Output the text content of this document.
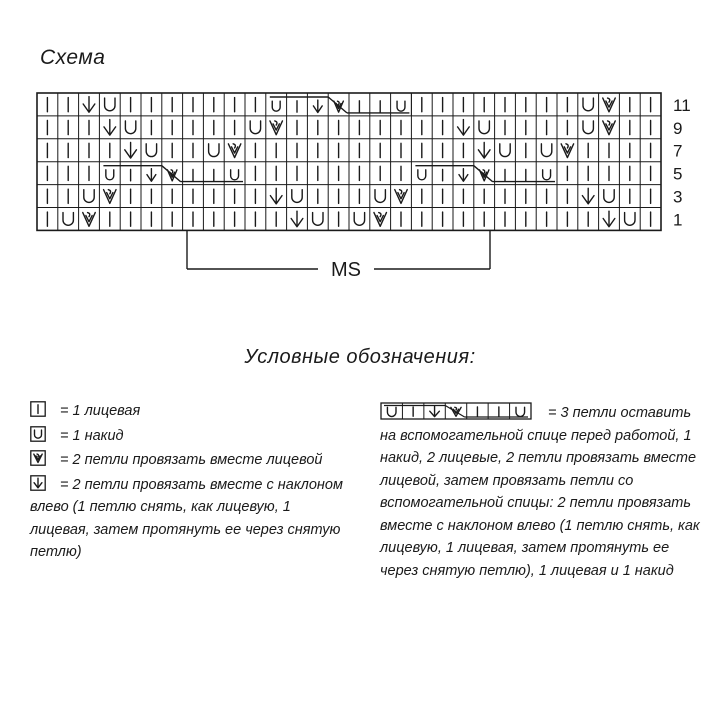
Схема
11
9
7
5
3
1
MS
Условные обозначения:
= 1 лицевая
= 1 накид
= 2 петли провязать вместе лицевой
= 2 петли провязать вместе с наклоном влево (1 петлю снять, как лицевую, 1 лицевая, затем протянуть ее через снятую петлю)
= 3 петли оставить на вспомогательной спице перед работой, 1 накид, 2 лицевые, 2 петли провязать вместе лицевой, затем провязать петли со вспомогательной спицы: 2 петли провязать вместе с наклоном влево (1 петлю снять, как лицевую, 1 лицевая, затем протянуть ее через снятую петлю), 1 лицевая и 1 накид
